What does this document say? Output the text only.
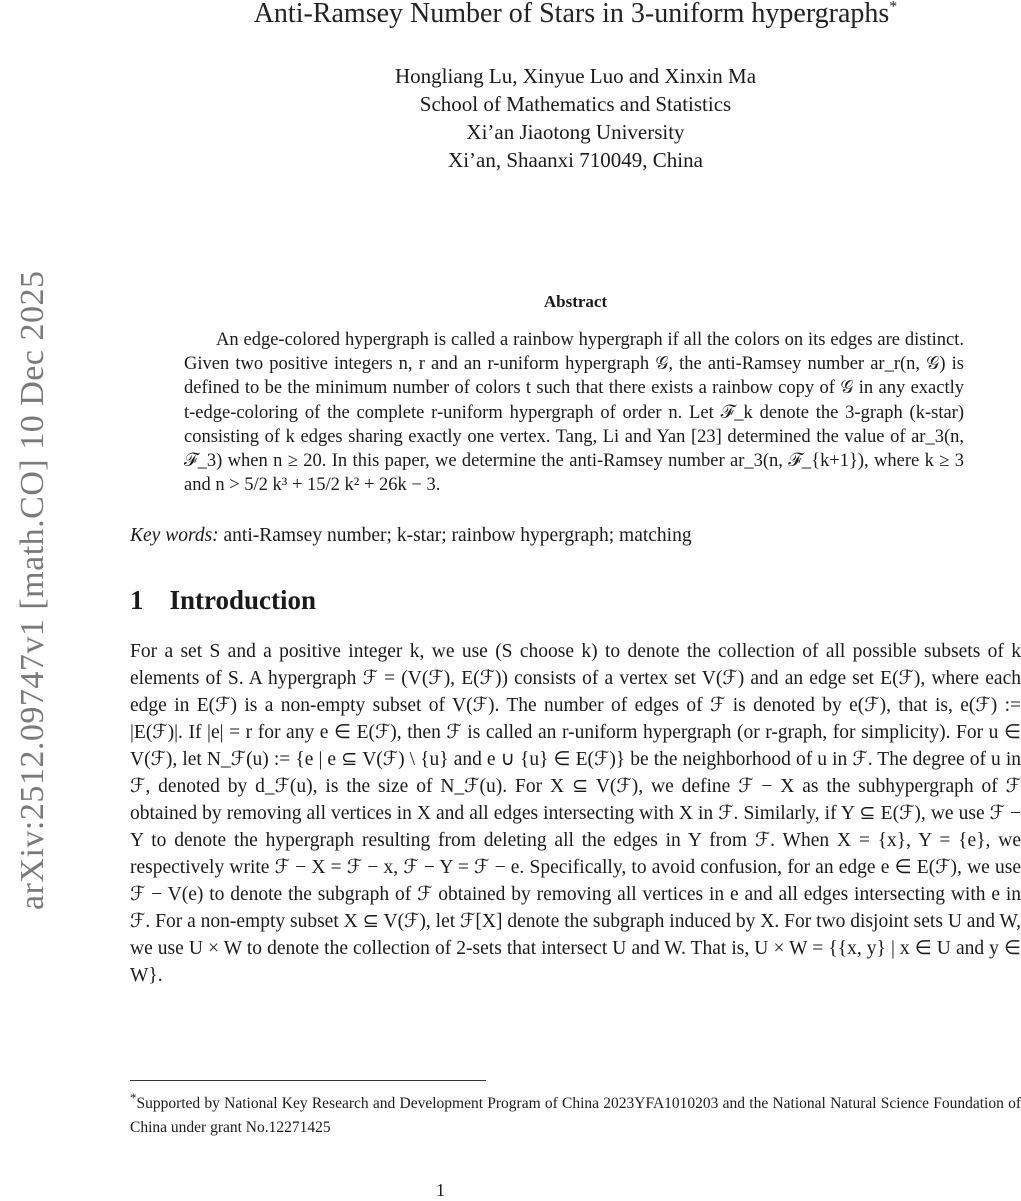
arXiv:2512.09747v1 [math.CO] 10 Dec 2025
Anti-Ramsey Number of Stars in 3-uniform hypergraphs*
Hongliang Lu, Xinyue Luo and Xinxin Ma
School of Mathematics and Statistics
Xi’an Jiaotong University
Xi’an, Shaanxi 710049, China
Abstract
An edge-colored hypergraph is called a rainbow hypergraph if all the colors on its edges are distinct. Given two positive integers n, r and an r-uniform hypergraph 𝒢, the anti-Ramsey number ar_r(n, 𝒢) is defined to be the minimum number of colors t such that there exists a rainbow copy of 𝒢 in any exactly t-edge-coloring of the complete r-uniform hypergraph of order n. Let ℱ_k denote the 3-graph (k-star) consisting of k edges sharing exactly one vertex. Tang, Li and Yan [23] determined the value of ar_3(n, ℱ_3) when n ≥ 20. In this paper, we determine the anti-Ramsey number ar_3(n, ℱ_{k+1}), where k ≥ 3 and n > 5/2 k³ + 15/2 k² + 26k − 3.
Key words: anti-Ramsey number; k-star; rainbow hypergraph; matching
1 Introduction
For a set S and a positive integer k, we use (S choose k) to denote the collection of all possible subsets of k elements of S. A hypergraph ℱ = (V(ℱ), E(ℱ)) consists of a vertex set V(ℱ) and an edge set E(ℱ), where each edge in E(ℱ) is a non-empty subset of V(ℱ). The number of edges of ℱ is denoted by e(ℱ), that is, e(ℱ) := |E(ℱ)|. If |e| = r for any e ∈ E(ℱ), then ℱ is called an r-uniform hypergraph (or r-graph, for simplicity). For u ∈ V(ℱ), let N_ℱ(u) := {e | e ⊆ V(ℱ) \ {u} and e ∪ {u} ∈ E(ℱ)} be the neighborhood of u in ℱ. The degree of u in ℱ, denoted by d_ℱ(u), is the size of N_ℱ(u). For X ⊆ V(ℱ), we define ℱ − X as the subhypergraph of ℱ obtained by removing all vertices in X and all edges intersecting with X in ℱ. Similarly, if Y ⊆ E(ℱ), we use ℱ − Y to denote the hypergraph resulting from deleting all the edges in Y from ℱ. When X = {x}, Y = {e}, we respectively write ℱ − X = ℱ − x, ℱ − Y = ℱ − e. Specifically, to avoid confusion, for an edge e ∈ E(ℱ), we use ℱ − V(e) to denote the subgraph of ℱ obtained by removing all vertices in e and all edges intersecting with e in ℱ. For a non-empty subset X ⊆ V(ℱ), let ℱ[X] denote the subgraph induced by X. For two disjoint sets U and W, we use U × W to denote the collection of 2-sets that intersect U and W. That is, U × W = {{x, y} | x ∈ U and y ∈ W}.
*Supported by National Key Research and Development Program of China 2023YFA1010203 and the National Natural Science Foundation of China under grant No.12271425
1
